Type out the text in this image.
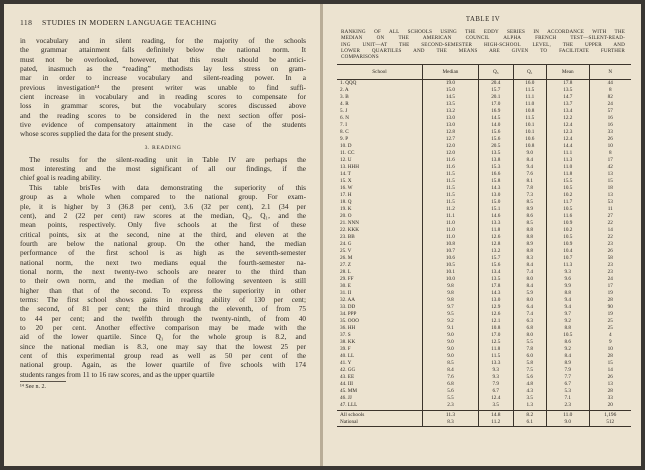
118	STUDIES IN MODERN LANGUAGE TEACHING

in vocabulary and in silent reading, for the majority of the schools

the grammar attainment falls definitely below the national norm. It

must not be overlooked, however, that this result should be antici-

pated, inasmuch as the “reading” methodists lay less stress on gram-

mar in order to increase vocabulary and silent-reading power. In a

previous investigation¹⁴ the present writer was unable to find suffi-

cient increase in vocabulary and in reading scores to compensate for

loss in grammar scores, but the vocabulary scores discussed above

and the reading scores to be considered in the next section offer posi-

tive evidence of compensatory attainment in the case of the students

whose scores supplied the data for the present study.

3. READING

The results for the silent-reading unit in Table IV are perhaps the

most interesting and the most significant of all our findings, if the

chief goal is reading ability.

This table brisTes with data demonstrating the superiority of this

group as a whole when compared to the national group. For exam-

ple, it is higher by 3 (36.8 per cent), 3.6 (32 per cent), 2.1 (34 per

cent), and 2 (22 per cent) raw scores at the median, Q₃, Q₁, and the

mean points, respectively. Only five schools at the first of these

critical points, six at the second, nine at the third, and eleven at the

fourth are below the national group. On the other hand, the median

performance of the first school is as high as the seventh-semester

national norm, the next two medians equal the fourth-semester na-

tional norm, the next twenty-two schools are nearer to the third than

to their own norm, and the median of the following seventeen is still

higher than that of the second. To express the superiority in other

terms: The first school shows gains in reading ability of 130 per cent;

the second, of 81 per cent; the third through the eleventh, of from 75

to 44 per cent; and the twelfth through the twenty-ninth, of from 40

to 20 per cent. Another effective comparison may be made with the

aid of the lower quartile. Since Q₁ for the whole group is 8.2, and

since the national median is 8.3, one may say that the lowest 25 per

cent of this experimental group read as well as 50 per cent of the

national group. Again, as the lower quartile of five schools with 174

students ranges from 11 to 16 raw scores, and as the upper quartile

¹⁴ See n. 2.
TABLE IV
RANKING OF ALL SCHOOLS USING THE EDDY SERIES IN ACCORDANCE WITH THE
MEDIAN ON THE AMERICAN COUNCIL ALPHA FRENCH TEST—SILENT-READ-
ING UNIT—AT THE SECOND-SEMESTER HIGH-SCHOOL LEVEL, THE UPPER AND
LOWER QUARTILES AND THE MEANS ARE GIVEN TO FACILITATE FURTHER
COMPARISONS
School	Median	Q₃	Q₁	Mean	N
1. QQQ	19.0	20.4	16.0	17.8	44
2. A	15.0	15.7	11.5	13.5	8
3. B	14.5	20.1	11.1	14.7	82
4. R	13.5	17.0	11.0	13.7	24
5. J	13.2	16.9	10.8	13.4	57
6. N	13.0	14.5	11.5	12.2	16
7. I	13.0	14.0	10.1	12.4	16
8. C	12.8	15.6	10.1	12.3	33
9. P	12.7	15.6	10.6	12.4	26
10. D	12.0	20.5	10.8	14.4	10
11. CC	12.0	13.5	9.0	11.1	8
12. U	11.6	13.8	8.4	11.3	17
13. HHH	11.6	15.3	9.4	11.0	42
14. T	11.5	16.6	7.6	11.8	13
15. X	11.5	15.8	8.1	15.5	15
16. W	11.5	14.3	7.8	10.5	18
17. H	11.5	13.0	7.3	10.2	13
18. Q	11.5	15.0	8.5	11.7	53
19. K	11.2	15.1	8.9	10.5	11
20. O	11.1	14.6	8.6	11.6	27
21. NNN	11.0	13.3	8.5	10.9	22
22. KKK	11.0	11.8	8.8	10.2	14
23. BB	11.0	12.6	8.8	10.5	22
24. G	10.8	12.8	8.9	10.9	23
25. V	10.7	13.2	8.8	10.4	26
26. M	10.6	15.7	8.3	10.7	58
27. Z	10.5	15.6	8.4	11.3	23
28. L	10.1	13.4	7.4	9.3	23
29. FF	10.0	13.5	8.0	9.6	24
30. E	9.8	17.8	8.4	9.9	17
31. II	9.8	14.3	5.9	8.8	19
32. AA	9.8	13.0	8.0	9.4	28
33. DD	9.7	12.9	6.4	9.4	90
34. PPP	9.5	12.6	7.4	9.7	19
35. OOO	9.2	12.1	6.3	9.2	25
36. HH	9.1	10.8	6.8	8.8	25
37. S	9.0	17.0	8.0	10.5	4
38. KK	9.0	12.5	5.5	8.6	9
39. F	9.0	11.8	7.8	9.2	10
40. LL	9.0	11.5	6.0	8.4	28
41. Y	8.5	13.3	5.8	8.9	15
42. GG	8.4	9.3	7.5	7.9	14
43. EE	7.6	9.3	5.6	7.7	26
44. III	6.8	7.9	4.8	6.7	13
45. MM	5.6	6.7	4.3	5.3	28
46. JJ	5.5	12.4	3.5	7.1	33
47. LLL	2.3	3.5	1.3	2.3	20
All schools	11.3	14.8	8.2	11.0	1,196
National	8.3	11.2	6.1	9.0	512
